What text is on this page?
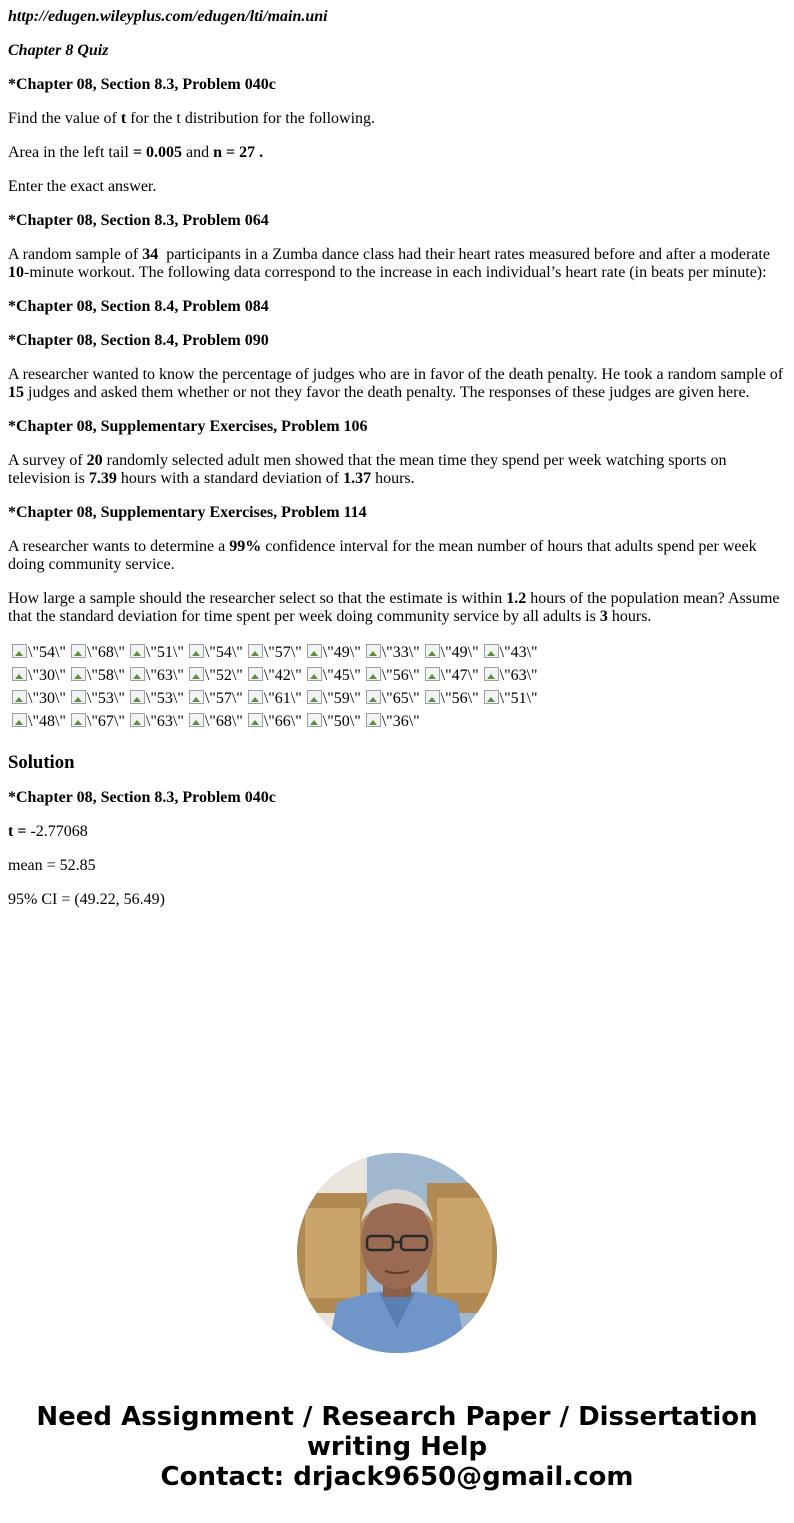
http://edugen.wileyplus.com/edugen/lti/main.uni

Chapter 8 Quiz

*Chapter 08, Section 8.3, Problem 040c

Find the value of t for the t distribution for the following.

Area in the left tail = 0.005 and n = 27 .

Enter the exact answer.

*Chapter 08, Section 8.3, Problem 064

A random sample of 34  participants in a Zumba dance class had their heart rates measured before and after a moderate 10-minute workout. The following data correspond to the increase in each individual’s heart rate (in beats per minute):

*Chapter 08, Section 8.4, Problem 084

*Chapter 08, Section 8.4, Problem 090

A researcher wanted to know the percentage of judges who are in favor of the death penalty. He took a random sample of 15 judges and asked them whether or not they favor the death penalty. The responses of these judges are given here.

*Chapter 08, Supplementary Exercises, Problem 106

A survey of 20 randomly selected adult men showed that the mean time they spend per week watching sports on television is 7.39 hours with a standard deviation of 1.37 hours.

*Chapter 08, Supplementary Exercises, Problem 114

A researcher wants to determine a 99% confidence interval for the mean number of hours that adults spend per week doing community service.

How large a sample should the researcher select so that the estimate is within 1.2 hours of the population mean? Assume that the standard deviation for time spent per week doing community service by all adults is 3 hours.

\"54\"	\"68\"	\"51\"	\"54\"	\"57\"	\"49\"	\"33\"	\"49\"	\"43\"
\"30\"	\"58\"	\"63\"	\"52\"	\"42\"	\"45\"	\"56\"	\"47\"	\"63\"
\"30\"	\"53\"	\"53\"	\"57\"	\"61\"	\"59\"	\"65\"	\"56\"	\"51\"
\"48\"	\"67\"	\"63\"	\"68\"	\"66\"	\"50\"	\"36\"		
Solution

*Chapter 08, Section 8.3, Problem 040c

t = -2.77068

mean = 52.85

95% CI = (49.22, 56.49)

Need Assignment / Research Paper / Dissertation
writing Help
Contact: drjack9650@gmail.com
